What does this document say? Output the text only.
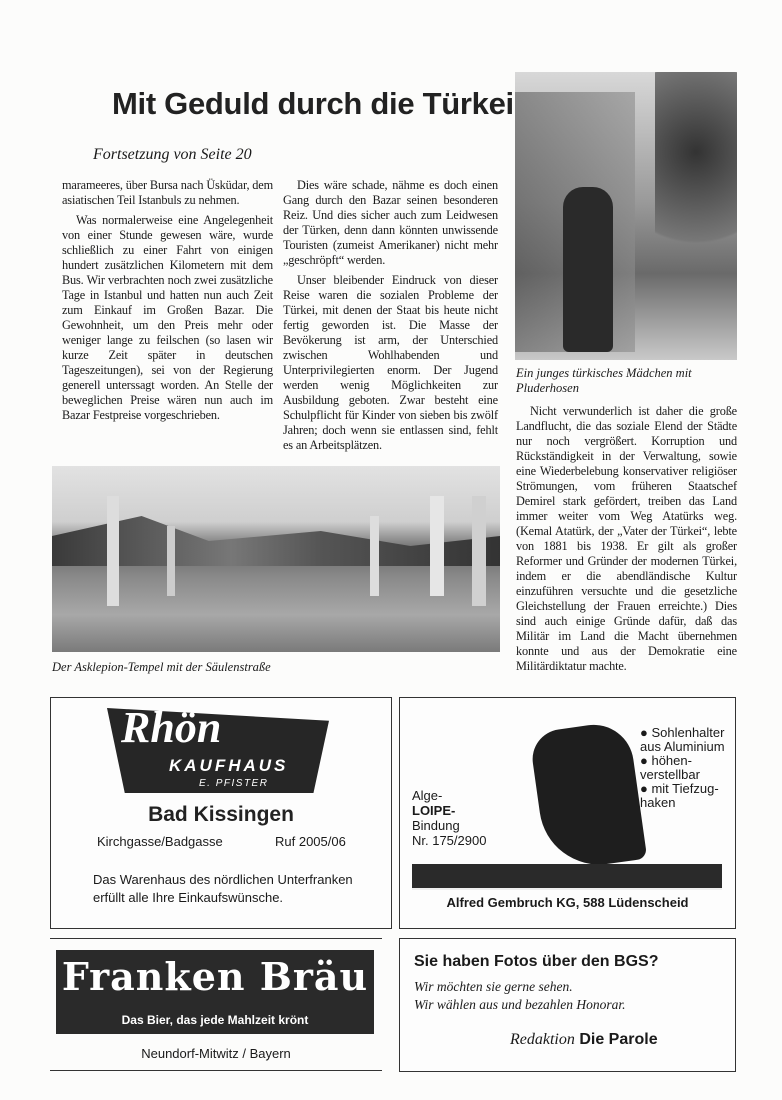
Mit Geduld durch die Türkei
Fortsetzung von Seite 20

marameeres, über Bursa nach Üsküdar, dem asiatischen Teil Istanbuls zu nehmen.

Was normalerweise eine Angelegenheit von einer Stunde gewesen wäre, wurde schließlich zu einer Fahrt von einigen hundert zusätzlichen Kilometern mit dem Bus. Wir verbrachten noch zwei zusätzliche Tage in Istanbul und hatten nun auch Zeit zum Einkauf im Großen Bazar. Die Gewohnheit, um den Preis mehr oder weniger lange zu feilschen (so lasen wir kurze Zeit später in deutschen Tageszeitungen), sei von der Regierung generell unterssagt worden. An Stelle der beweglichen Preise wären nun auch im Bazar Festpreise vorgeschrieben.

Dies wäre schade, nähme es doch einen Gang durch den Bazar seinen besonderen Reiz. Und dies sicher auch zum Leidwesen der Türken, denn dann könnten unwissende Touristen (zumeist Amerikaner) nicht mehr „geschröpft“ werden.

Unser bleibender Eindruck von dieser Reise waren die sozialen Probleme der Türkei, mit denen der Staat bis heute nicht fertig geworden ist. Die Masse der Bevökerung ist arm, der Unterschied zwischen Wohlhabenden und Unterprivilegierten enorm. Der Jugend werden wenig Möglichkeiten zur Ausbildung geboten. Zwar besteht eine Schulpflicht für Kinder von sieben bis zwölf Jahren; doch wenn sie entlassen sind, fehlt es an Arbeitsplätzen.

Ein junges türkisches Mädchen mit Pluderhosen

Nicht verwunderlich ist daher die große Landflucht, die das soziale Elend der Städte nur noch vergrößert. Korruption und Rückständigkeit in der Verwaltung, sowie eine Wiederbelebung konservativer religiöser Strömungen, vom früheren Staatschef Demirel stark gefördert, treiben das Land immer weiter vom Weg Atatürks weg. (Kemal Atatürk, der „Vater der Türkei“, lebte von 1881 bis 1938. Er gilt als großer Reformer und Gründer der modernen Türkei, indem er die abendländische Kultur einzuführen versuchte und die gesetzliche Gleichstellung der Frauen erreichte.) Dies sind auch einige Gründe dafür, daß das Militär im Land die Macht übernehmen konnte und aus der Demokratie eine Militärdiktatur machte.

Der Asklepion-Tempel mit der Säulenstraße
Rhön
KAUFHAUS
E. PFISTER
Bad Kissingen
Kirchgasse/Badgasse	Ruf 2005/06
Das Warenhaus des nördlichen Unterfranken
erfüllt alle Ihre Einkaufswünsche.
Alge-
LOIPE-
Bindung
Nr. 175/2900
● Sohlenhalter aus Aluminium
● höhen-verstellbar
● mit Tiefzug-haken
Alfred Gembruch KG, 588 Lüdenscheid
Franken Bräu
Das Bier, das jede Mahlzeit krönt
Neundorf-Mitwitz / Bayern
Sie haben Fotos über den BGS?
Wir möchten sie gerne sehen.
Wir wählen aus und bezahlen Honorar.
Redaktion Die Parole
